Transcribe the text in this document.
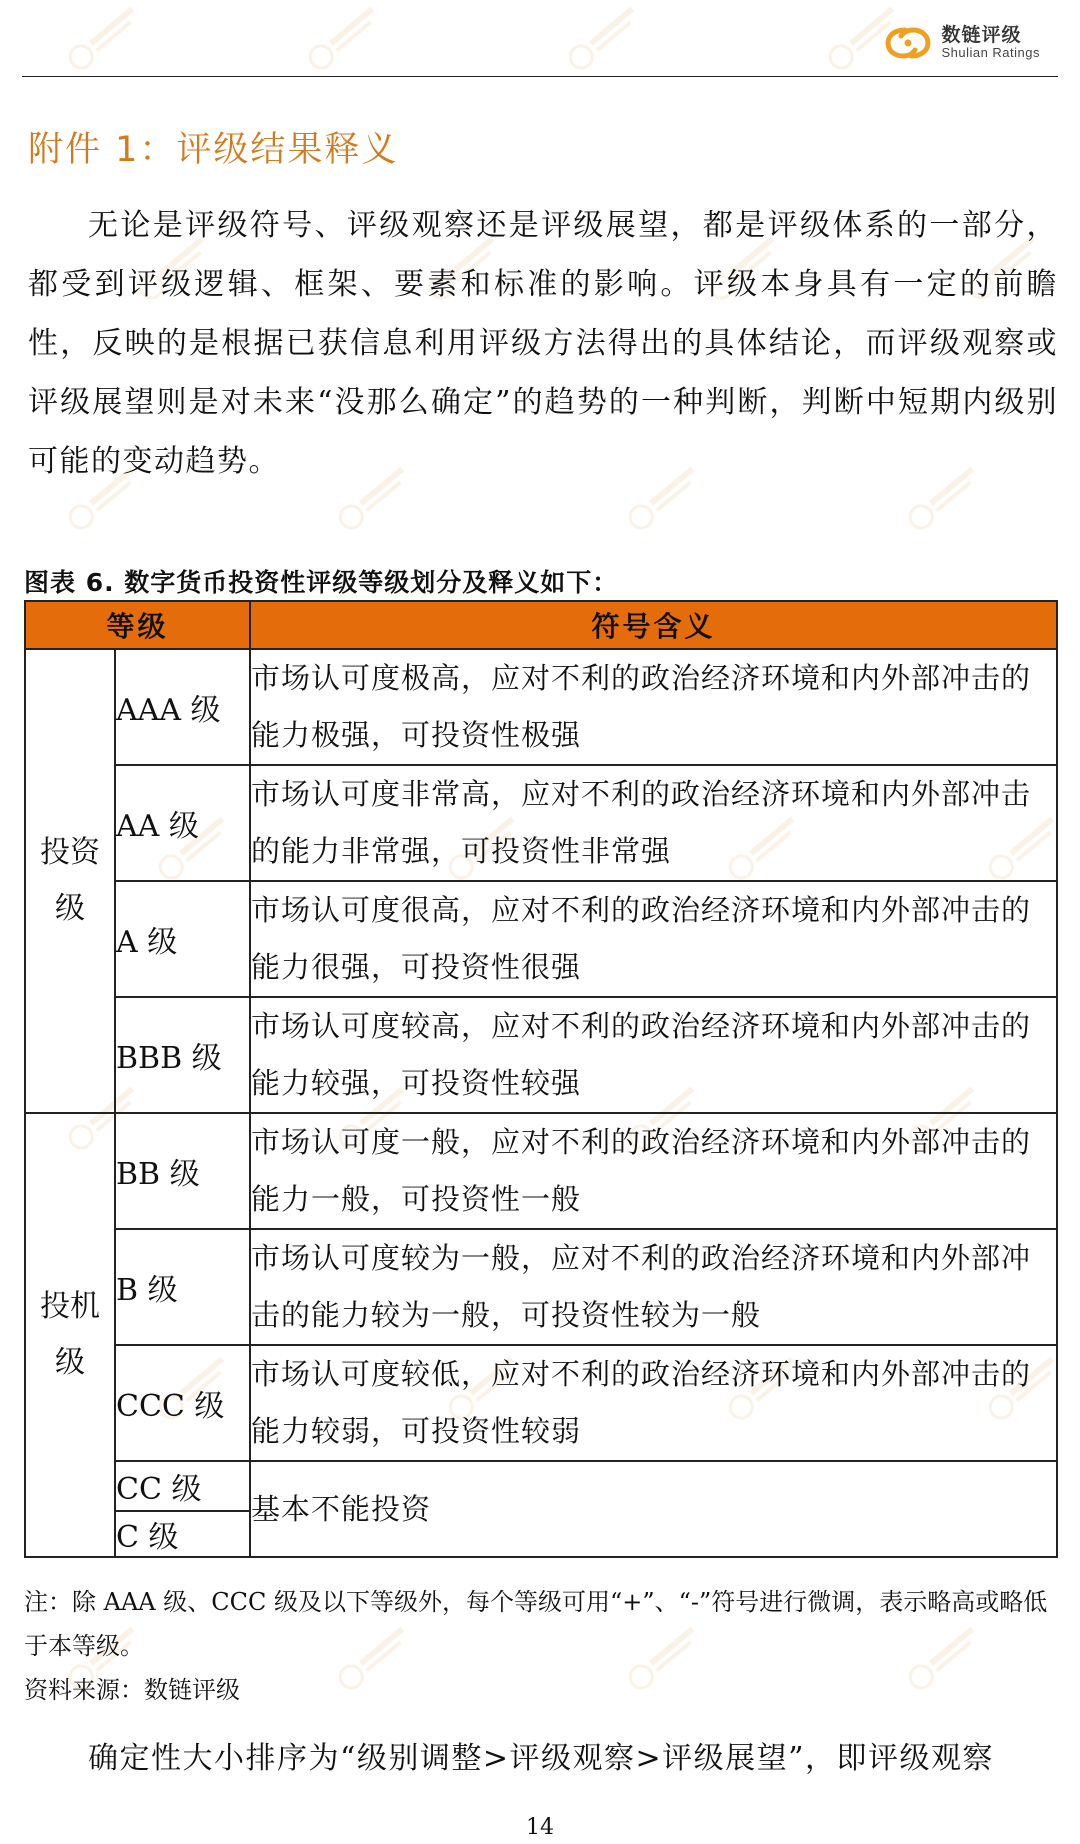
数链评级
Shulian Ratings
附件 1：评级结果释义

无论是评级符号、评级观察还是评级展望，都是评级体系的一部分，都受到评级逻辑、框架、要素和标准的影响。评级本身具有一定的前瞻性，反映的是根据已获信息利用评级方法得出的具体结论，而评级观察或评级展望则是对未来“没那么确定”的趋势的一种判断，判断中短期内级别可能的变动趋势。

图表 6. 数字货币投资性评级等级划分及释义如下：
等级		符号含义
投资级	AAA 级	市场认可度极高，应对不利的政治经济环境和内外部冲击的能力极强，可投资性极强
	AA 级	市场认可度非常高，应对不利的政治经济环境和内外部冲击的能力非常强，可投资性非常强
	A 级	市场认可度很高，应对不利的政治经济环境和内外部冲击的能力很强，可投资性很强
	BBB 级	市场认可度较高，应对不利的政治经济环境和内外部冲击的能力较强，可投资性较强
投机级	BB 级	市场认可度一般，应对不利的政治经济环境和内外部冲击的能力一般，可投资性一般
	B 级	市场认可度较为一般，应对不利的政治经济环境和内外部冲击的能力较为一般，可投资性较为一般
	CCC 级	市场认可度较低，应对不利的政治经济环境和内外部冲击的能力较弱，可投资性较弱
	CC 级	基本不能投资
	C 级	

注：除 AAA 级、CCC 级及以下等级外，每个等级可用“+”、“-”符号进行微调，表示略高或略低于本等级。

资料来源：数链评级

确定性大小排序为“级别调整>评级观察>评级展望”，即评级观察

14
